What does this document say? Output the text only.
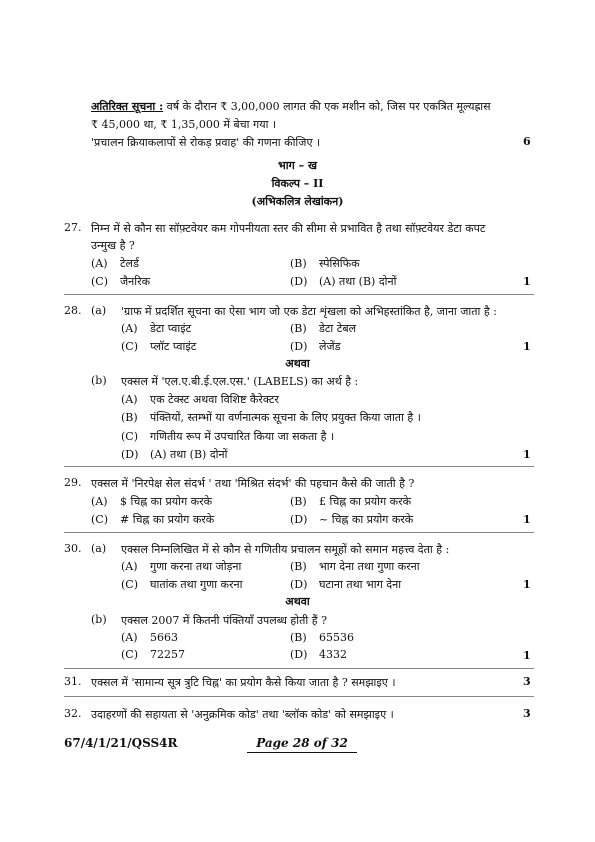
अतिरिक्त सूचना : वर्ष के दौरान ₹ 3,00,000 लागत की एक मशीन को, जिस पर एकत्रित मूल्यह्रास
₹ 45,000 था, ₹ 1,35,000 में बेचा गया ।
'प्रचालन क्रियाकलापों से रोकड़ प्रवाह' की गणना कीजिए ।	6
भाग – ख
विकल्प – II
(अभिकलित्र लेखांकन)
27. निम्न में से कौन सा सॉफ़्टवेयर कम गोपनीयता स्तर की सीमा से प्रभावित है तथा सॉफ़्टवेयर डेटा कपट
उन्मुख है ?
(A) टेलर्ड	(B) स्पेसिफिक
(C) जैनरिक	(D) (A) तथा (B) दोनों	1
28. (a) 'ग्राफ में प्रदर्शित सूचना का ऐसा भाग जो एक डेटा शृंखला को अभिहस्तांकित है, जाना जाता है :
(A) डेटा प्वाइंट	(B) डेटा टेबल
(C) प्लॉट प्वाइंट	(D) लेजेंड	1
अथवा
(b) एक्सल में 'एल.ए.बी.ई.एल.एस.' (LABELS) का अर्थ है :
(A) एक टेक्स्ट अथवा विशिष्ट कैरेक्टर
(B) पंक्तियों, स्तम्भों या वर्णनात्मक सूचना के लिए प्रयुक्त किया जाता है ।
(C) गणितीय रूप में उपचारित किया जा सकता है ।
(D) (A) तथा (B) दोनों	1
29. एक्सल में 'निरपेक्ष सेल संदर्भ ' तथा 'मिश्रित संदर्भ' की पहचान कैसे की जाती है ?
(A) $ चिह्न का प्रयोग करके	(B) £ चिह्न का प्रयोग करके
(C) # चिह्न का प्रयोग करके	(D) ~ चिह्न का प्रयोग करके	1
30. (a) एक्सल निम्नलिखित में से कौन से गणितीय प्रचालन समूहों को समान महत्त्व देता है :
(A) गुणा करना तथा जोड़ना	(B) भाग देना तथा गुणा करना
(C) घातांक तथा गुणा करना	(D) घटाना तथा भाग देना	1
अथवा
(b) एक्सल 2007 में कितनी पंक्तियाँ उपलब्ध होती हैं ?
(A) 5663	(B) 65536
(C) 72257	(D) 4332	1
31. एक्सल में 'सामान्य सूत्र त्रुटि चिह्न' का प्रयोग कैसे किया जाता है ? समझाइए ।	3
32. उदाहरणों की सहायता से 'अनुक्रमिक कोड' तथा 'ब्लॉक कोड' को समझाइए ।	3
67/4/1/21/QSS4R	Page 28 of 32
